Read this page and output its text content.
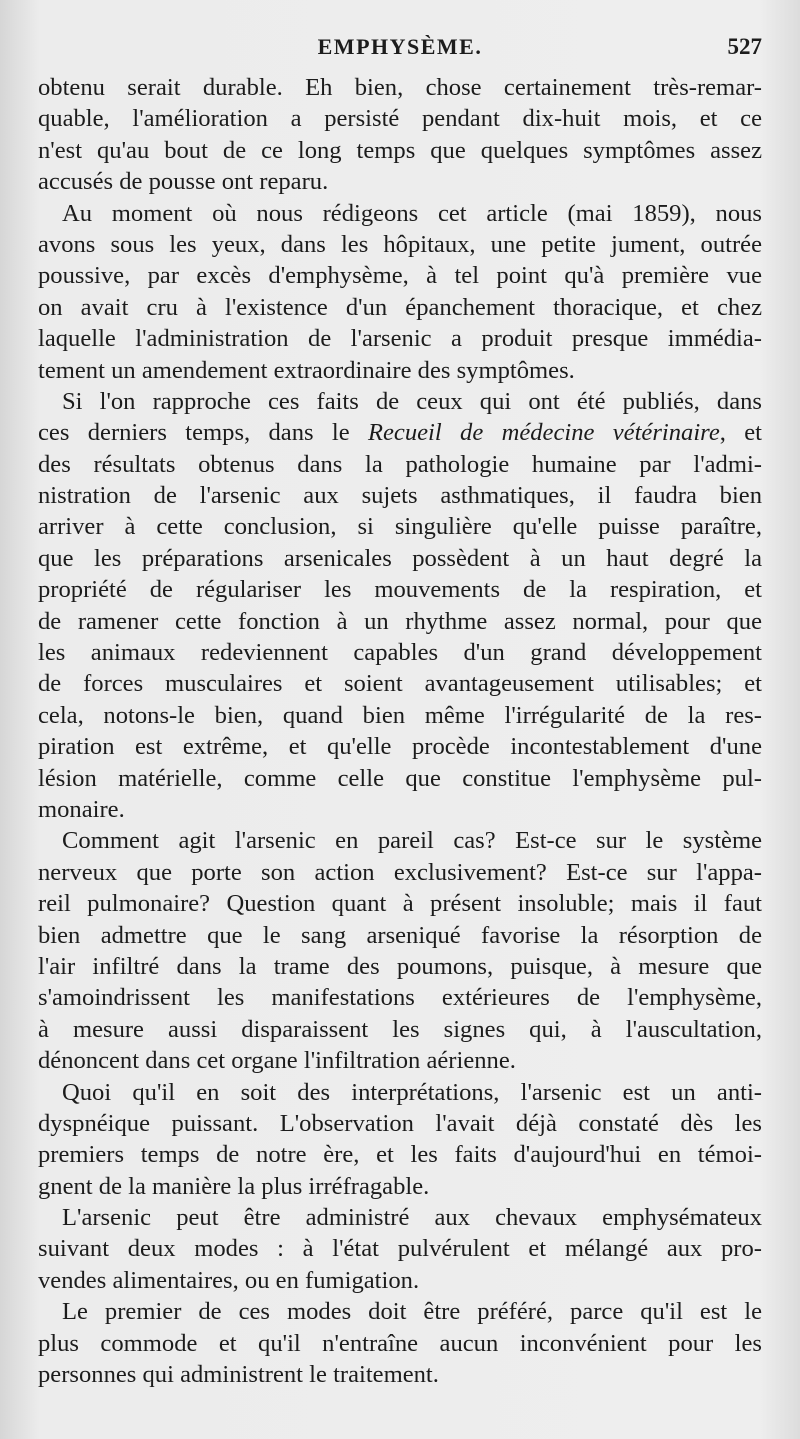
EMPHYSÈME.	527
obtenu serait durable. Eh bien, chose certainement très-remar-
quable, l'amélioration a persisté pendant dix-huit mois, et ce
n'est qu'au bout de ce long temps que quelques symptômes assez
accusés de pousse ont reparu.
Au moment où nous rédigeons cet article (mai 1859), nous
avons sous les yeux, dans les hôpitaux, une petite jument, outrée
poussive, par excès d'emphysème, à tel point qu'à première vue
on avait cru à l'existence d'un épanchement thoracique, et chez
laquelle l'administration de l'arsenic a produit presque immédia-
tement un amendement extraordinaire des symptômes.
Si l'on rapproche ces faits de ceux qui ont été publiés, dans
ces derniers temps, dans le Recueil de médecine vétérinaire, et
des résultats obtenus dans la pathologie humaine par l'admi-
nistration de l'arsenic aux sujets asthmatiques, il faudra bien
arriver à cette conclusion, si singulière qu'elle puisse paraître,
que les préparations arsenicales possèdent à un haut degré la
propriété de régulariser les mouvements de la respiration, et
de ramener cette fonction à un rhythme assez normal, pour que
les animaux redeviennent capables d'un grand développement
de forces musculaires et soient avantageusement utilisables; et
cela, notons-le bien, quand bien même l'irrégularité de la res-
piration est extrême, et qu'elle procède incontestablement d'une
lésion matérielle, comme celle que constitue l'emphysème pul-
monaire.
Comment agit l'arsenic en pareil cas? Est-ce sur le système
nerveux que porte son action exclusivement? Est-ce sur l'appa-
reil pulmonaire? Question quant à présent insoluble; mais il faut
bien admettre que le sang arseniqué favorise la résorption de
l'air infiltré dans la trame des poumons, puisque, à mesure que
s'amoindrissent les manifestations extérieures de l'emphysème,
à mesure aussi disparaissent les signes qui, à l'auscultation,
dénoncent dans cet organe l'infiltration aérienne.
Quoi qu'il en soit des interprétations, l'arsenic est un anti-
dyspnéique puissant. L'observation l'avait déjà constaté dès les
premiers temps de notre ère, et les faits d'aujourd'hui en témoi-
gnent de la manière la plus irréfragable.
L'arsenic peut être administré aux chevaux emphysémateux
suivant deux modes : à l'état pulvérulent et mélangé aux pro-
vendes alimentaires, ou en fumigation.
Le premier de ces modes doit être préféré, parce qu'il est le
plus commode et qu'il n'entraîne aucun inconvénient pour les
personnes qui administrent le traitement.
